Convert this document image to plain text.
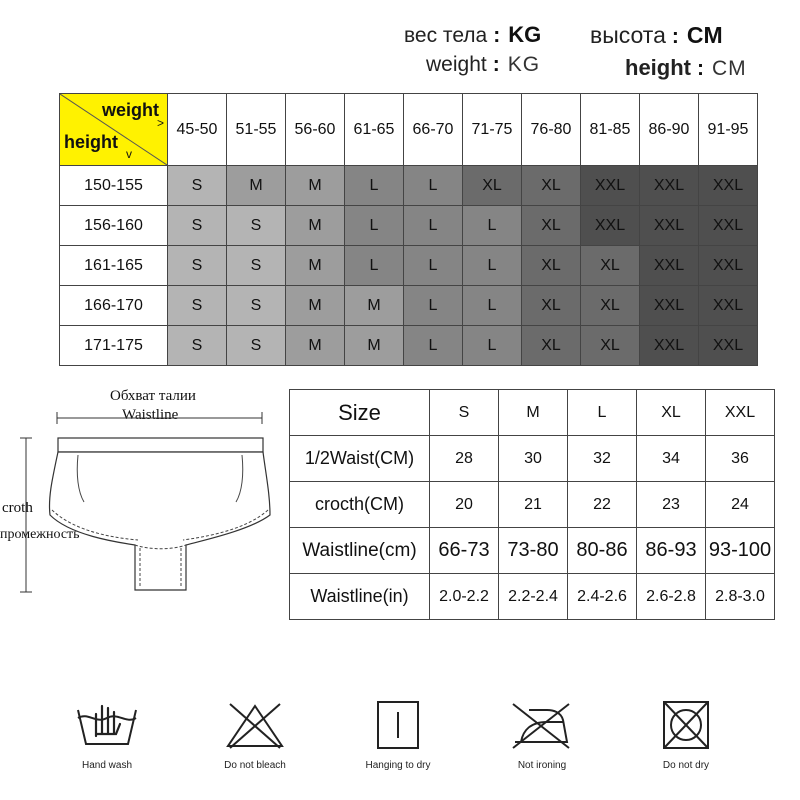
вес тела : KG высота : CM
weight : KG	height : CM
weight
>
height
v	45-50	51-55	56-60	61-65	66-70	71-75	76-80	81-85	86-90	91-95
150-155	S	M	M	L	L	XL	XL	XXL	XXL	XXL
156-160	S	S	M	L	L	L	XL	XXL	XXL	XXL
161-165	S	S	M	L	L	L	XL	XL	XXL	XXL
166-170	S	S	M	M	L	L	XL	XL	XXL	XXL
171-175	S	S	M	M	L	L	XL	XL	XXL	XXL
Обхват талии
Waistline
croth
промежность
Size	S	M	L	XL	XXL
1/2Waist(CM)	28	30	32	34	36
crocth(CM)	20	21	22	23	24
Waistline(cm)	66-73	73-80	80-86	86-93	93-100
Waistline(in)	2.0-2.2	2.2-2.4	2.4-2.6	2.6-2.8	2.8-3.0
Hand wash	Do not bleach	Hanging to dry	Not ironing	Do not dry
